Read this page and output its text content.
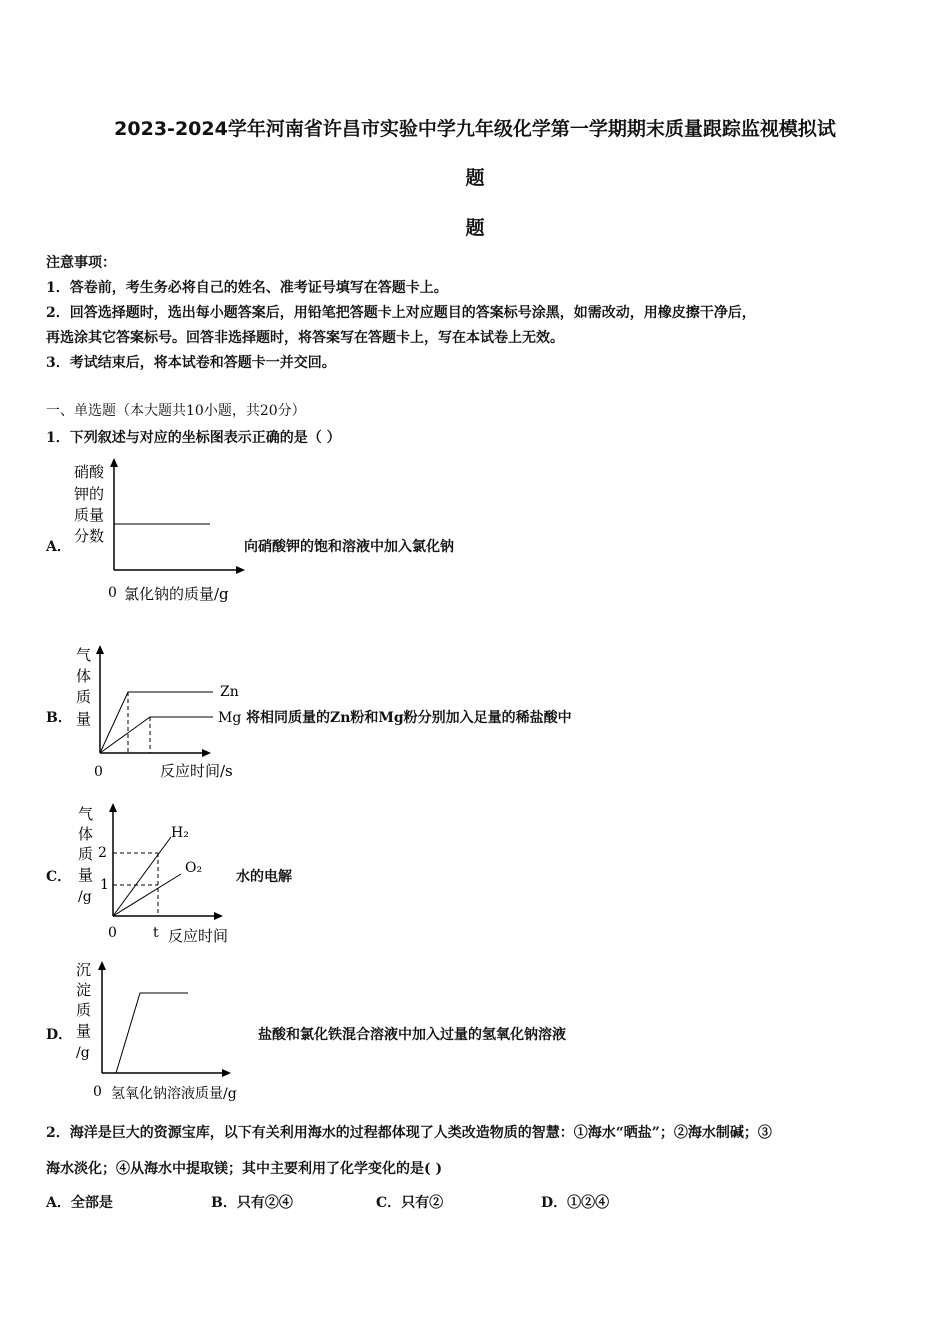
2023-2024学年河南省许昌市实验中学九年级化学第一学期期末质量跟踪监视模拟试
题
题
注意事项：
1．答卷前，考生务必将自己的姓名、准考证号填写在答题卡上。
2．回答选择题时，选出每小题答案后，用铅笔把答题卡上对应题目的答案标号涂黑，如需改动，用橡皮擦干净后，
再选涂其它答案标号。回答非选择题时，将答案写在答题卡上，写在本试卷上无效。
3．考试结束后，将本试卷和答题卡一并交回。
一、单选题（本大题共10小题，共20分）
1．下列叙述与对应的坐标图表示正确的是（ ）
A．	向硝酸钾的饱和溶液中加入氯化钠
硝酸
钾的
质量
分数
0 氯化钠的质量/g
B．	将相同质量的Zn粉和Mg粉分别加入足量的稀盐酸中
Zn
Mg
气
体
质
量
0	反应时间/s
C．	水的电解
H₂
O₂
2
1
气
体
质
量
/g
0	t 反应时间
D．	盐酸和氯化铁混合溶液中加入过量的氢氧化钠溶液
沉
淀
质
量
/g
0 氢氧化钠溶液质量/g
2．海洋是巨大的资源宝库，以下有关利用海水的过程都体现了人类改造物质的智慧：①海水“晒盐”；②海水制碱；③
海水淡化；④从海水中提取镁；其中主要利用了化学变化的是( )
A．全部是	B．只有②④	C．只有②	D．①②④
